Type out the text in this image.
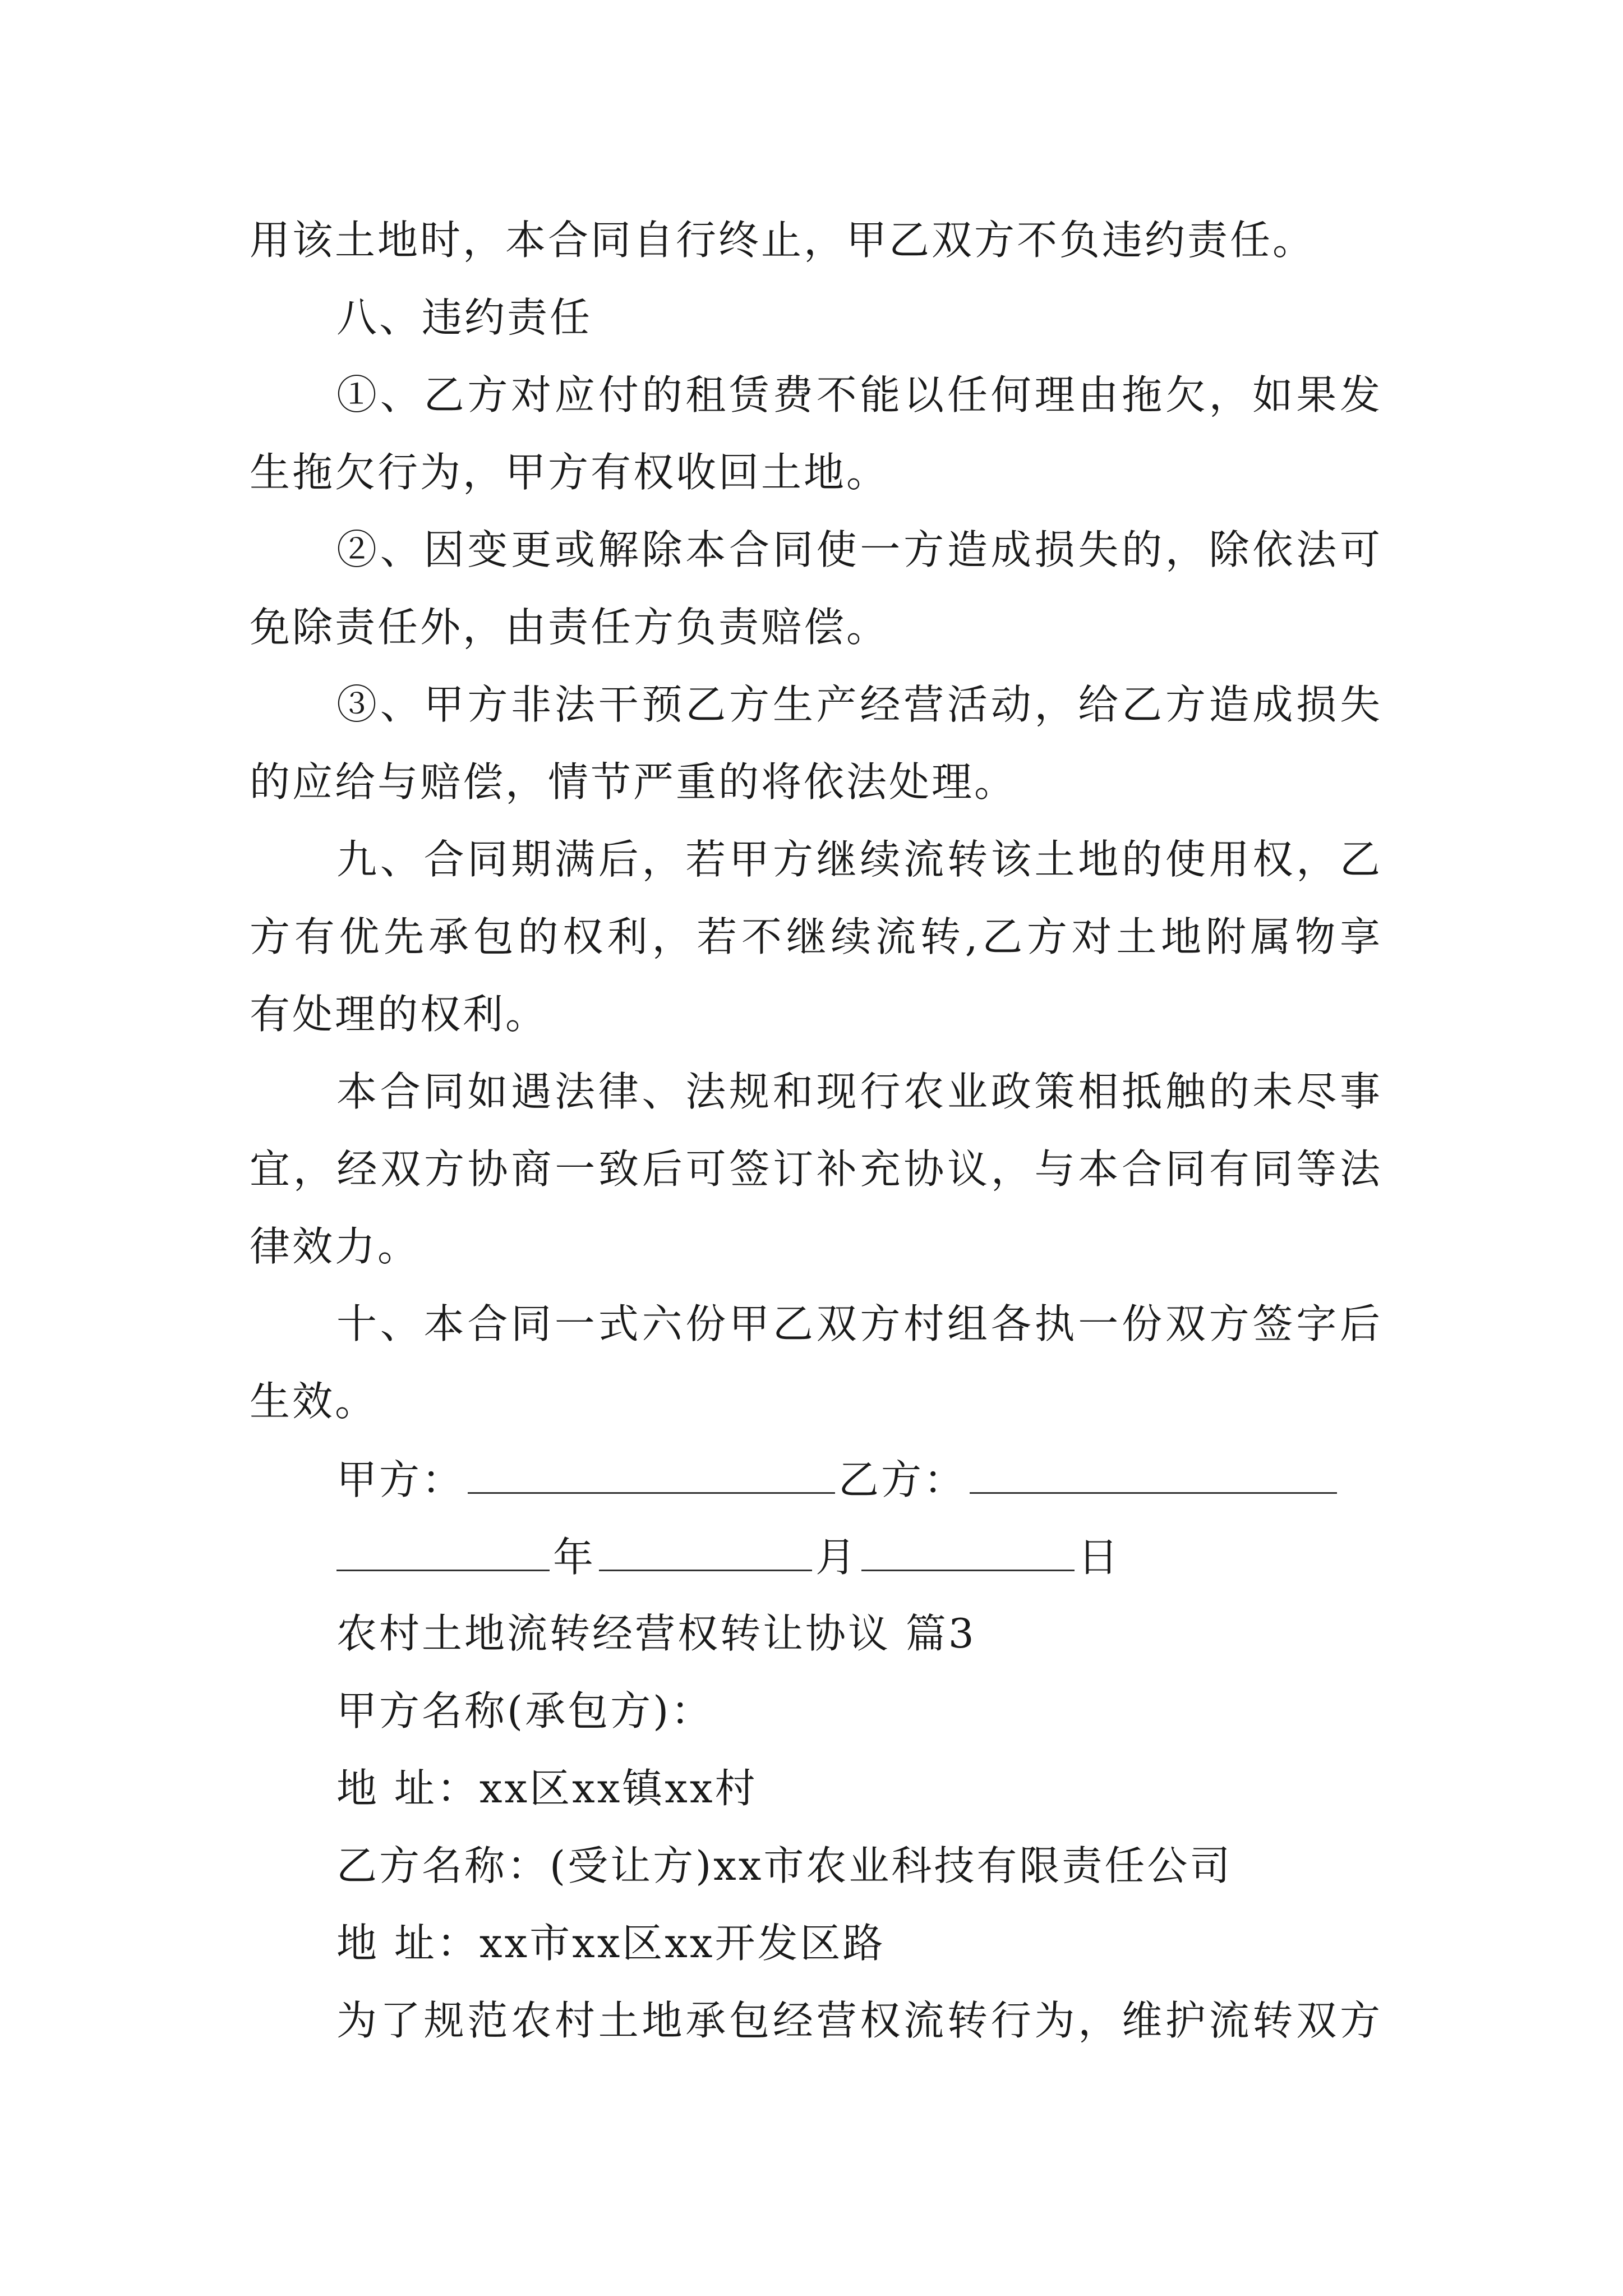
用该土地时，本合同自行终止，甲乙双方不负违约责任。
八、违约责任
①、乙方对应付的租赁费不能以任何理由拖欠，如果发
生拖欠行为，甲方有权收回土地。
②、因变更或解除本合同使一方造成损失的，除依法可
免除责任外，由责任方负责赔偿。
③、甲方非法干预乙方生产经营活动，给乙方造成损失
的应给与赔偿，情节严重的将依法处理。
九、合同期满后，若甲方继续流转该土地的使用权，乙
方有优先承包的权利，若不继续流转,乙方对土地附属物享
有处理的权利。
本合同如遇法律、法规和现行农业政策相抵触的未尽事
宜，经双方协商一致后可签订补充协议，与本合同有同等法
律效力。
十、本合同一式六份甲乙双方村组各执一份双方签字后
生效。
甲方：	乙方：
年	月	日
农村土地流转经营权转让协议 篇3
甲方名称(承包方)：
地 址：xx区xx镇xx村
乙方名称：(受让方)xx市农业科技有限责任公司
地 址：xx市xx区xx开发区路
为了规范农村土地承包经营权流转行为，维护流转双方
